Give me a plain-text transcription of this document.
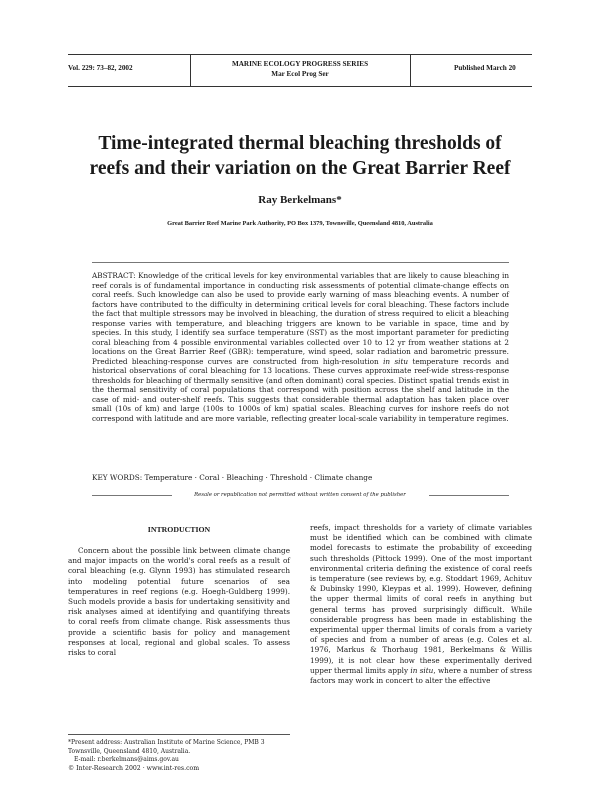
Vol. 229: 73–82, 2002	MARINE ECOLOGY PROGRESS SERIES
Mar Ecol Prog Ser
Published March 20
Time-integrated thermal bleaching thresholds of
reefs and their variation on the Great Barrier Reef
Ray Berkelmans*
Great Barrier Reef Marine Park Authority, PO Box 1379, Townsville, Queensland 4810, Australia

ABSTRACT: Knowledge of the critical levels for key environmental variables that are likely to cause bleaching in reef corals is of fundamental importance in conducting risk assessments of potential climate-change effects on coral reefs. Such knowledge can also be used to provide early warning of mass bleaching events. A number of factors have contributed to the difficulty in determining critical levels for coral bleaching. These factors include the fact that multiple stressors may be involved in bleaching, the duration of stress required to elicit a bleaching response varies with temperature, and bleaching triggers are known to be variable in space, time and by species. In this study, I identify sea surface temperature (SST) as the most important parameter for predicting coral bleaching from 4 possible environmental variables collected over 10 to 12 yr from weather stations at 2 locations on the Great Barrier Reef (GBR): temperature, wind speed, solar radiation and barometric pressure. Predicted bleaching-response curves are constructed from high-resolution in situ temperature records and historical observations of coral bleaching for 13 locations. These curves approximate reef-wide stress-response thresholds for bleaching of thermally sensitive (and often dominant) coral species. Distinct spatial trends exist in the thermal sensitivity of coral populations that correspond with position across the shelf and latitude in the case of mid- and outer-shelf reefs. This suggests that considerable thermal adaptation has taken place over small (10s of km) and large (100s to 1000s of km) spatial scales. Bleaching curves for inshore reefs do not correspond with latitude and are more variable, reflecting greater local-scale variability in temperature regimes.

KEY WORDS: Temperature · Coral · Bleaching · Threshold · Climate change
Resale or republication not permitted without written consent of the publisher
INTRODUCTION

Concern about the possible link between climate change and major impacts on the world's coral reefs as a result of coral bleaching (e.g. Glynn 1993) has stimulated research into modeling potential future scenarios of sea temperatures in reef regions (e.g. Hoegh-Guldberg 1999). Such models provide a basis for undertaking sensitivity and risk analyses aimed at identifying and quantifying threats to coral reefs from climate change. Risk assessments thus provide a scientific basis for policy and management responses at local, regional and global scales. To assess risks to coral

reefs, impact thresholds for a variety of climate variables must be identified which can be combined with climate model forecasts to estimate the probability of exceeding such thresholds (Pittock 1999). One of the most important environmental criteria defining the existence of coral reefs is temperature (see reviews by, e.g. Stoddart 1969, Achituv & Dubinsky 1990, Kleypas et al. 1999). However, defining the upper thermal limits of coral reefs in anything but general terms has proved surprisingly difficult. While considerable progress has been made in establishing the experimental upper thermal limits of corals from a variety of species and from a number of areas (e.g. Coles et al. 1976, Markus & Thorhaug 1981, Berkelmans & Willis 1999), it is not clear how these experimentally derived upper thermal limits apply in situ, where a number of stress factors may work in concert to alter the effective

*Present address: Australian Institute of Marine Science, PMB 3 Townsville, Queensland 4810, Australia.

E-mail: r.berkelmans@aims.gov.au

© Inter-Research 2002 · www.int-res.com
